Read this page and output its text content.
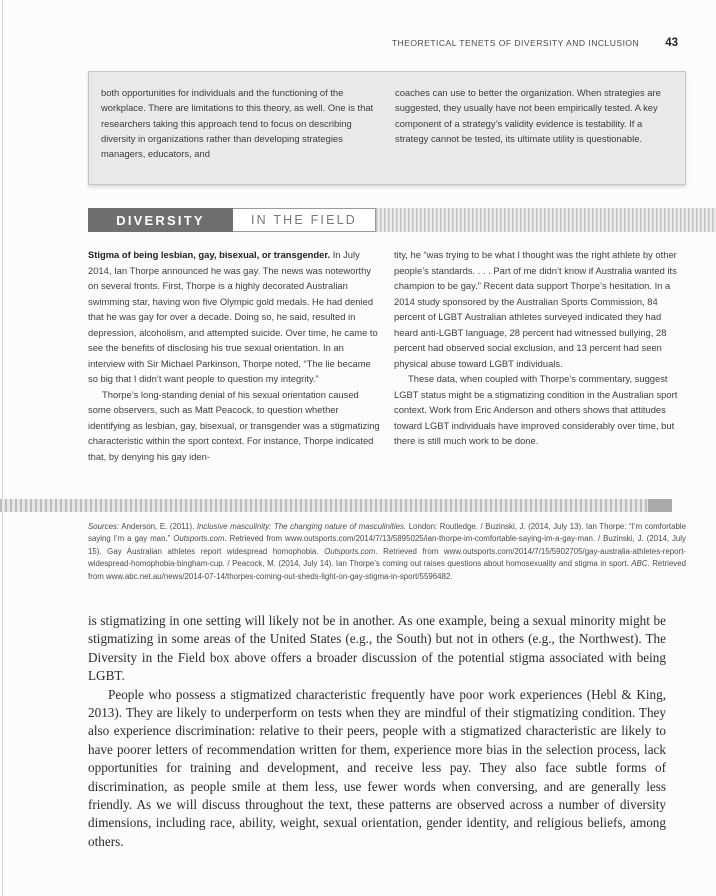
THEORETICAL TENETS OF DIVERSITY AND INCLUSION 43

both opportunities for individuals and the functioning of the workplace. There are limitations to this theory, as well. One is that researchers taking this approach tend to focus on describing diversity in organizations rather than developing strategies managers, educators, and

coaches can use to better the organization. When strategies are suggested, they usually have not been empirically tested. A key component of a strategy’s validity evidence is testability. If a strategy cannot be tested, its ultimate utility is questionable.

DIVERSITY	IN THE FIELD

Stigma of being lesbian, gay, bisexual, or transgender. In July 2014, Ian Thorpe announced he was gay. The news was noteworthy on several fronts. First, Thorpe is a highly decorated Australian swimming star, having won five Olympic gold medals. He had denied that he was gay for over a decade. Doing so, he said, resulted in depression, alcoholism, and attempted suicide. Over time, he came to see the benefits of disclosing his true sexual orientation. In an interview with Sir Michael Parkinson, Thorpe noted, “The lie became so big that I didn’t want people to question my integrity.”

Thorpe’s long-standing denial of his sexual orientation caused some observers, such as Matt Peacock, to question whether identifying as lesbian, gay, bisexual, or transgender was a stigmatizing characteristic within the sport context. For instance, Thorpe indicated that, by denying his gay iden-

tity, he “was trying to be what I thought was the right athlete by other people’s standards. . . . Part of me didn’t know if Australia wanted its champion to be gay.” Recent data support Thorpe’s hesitation. In a 2014 study sponsored by the Australian Sports Commission, 84 percent of LGBT Australian athletes surveyed indicated they had heard anti-LGBT language, 28 percent had witnessed bullying, 28 percent had observed social exclusion, and 13 percent had seen physical abuse toward LGBT individuals.

These data, when coupled with Thorpe’s commentary, suggest LGBT status might be a stigmatizing condition in the Australian sport context. Work from Eric Anderson and others shows that attitudes toward LGBT individuals have improved considerably over time, but there is still much work to be done.

Sources: Anderson, E. (2011). Inclusive masculinity: The changing nature of masculinities. London: Routledge. / Buzinski, J. (2014, July 13). Ian Thorpe: “I’m comfortable saying I’m a gay man.” Outsports.com. Retrieved from www.outsports.com/2014/7/13/5895025/ian-thorpe-im-comfortable-saying-im-a-gay-man. / Buzinski, J. (2014, July 15). Gay Australian athletes report widespread homophobia. Outsports.com. Retrieved from www.outsports.com/2014/7/15/5902705/gay-australia-athletes-report-widespread-homophobia-bingham-cup. / Peacock, M. (2014, July 14). Ian Thorpe’s coming out raises questions about homosexuality and stigma in sport. ABC. Retrieved from www.abc.net.au/news/2014-07-14/thorpes-coming-out-sheds-light-on-gay-stigma-in-sport/5596482.

is stigmatizing in one setting will likely not be in another. As one example, being a sexual minority might be stigmatizing in some areas of the United States (e.g., the South) but not in others (e.g., the Northwest). The Diversity in the Field box above offers a broader discussion of the potential stigma associated with being LGBT.

People who possess a stigmatized characteristic frequently have poor work experiences (Hebl & King, 2013). They are likely to underperform on tests when they are mindful of their stigmatizing condition. They also experience discrimination: relative to their peers, people with a stigmatized characteristic are likely to have poorer letters of recommendation written for them, experience more bias in the selection process, lack opportunities for training and development, and receive less pay. They also face subtle forms of discrimination, as people smile at them less, use fewer words when conversing, and are generally less friendly. As we will discuss throughout the text, these patterns are observed across a number of diversity dimensions, including race, ability, weight, sexual orientation, gender identity, and religious beliefs, among others.
